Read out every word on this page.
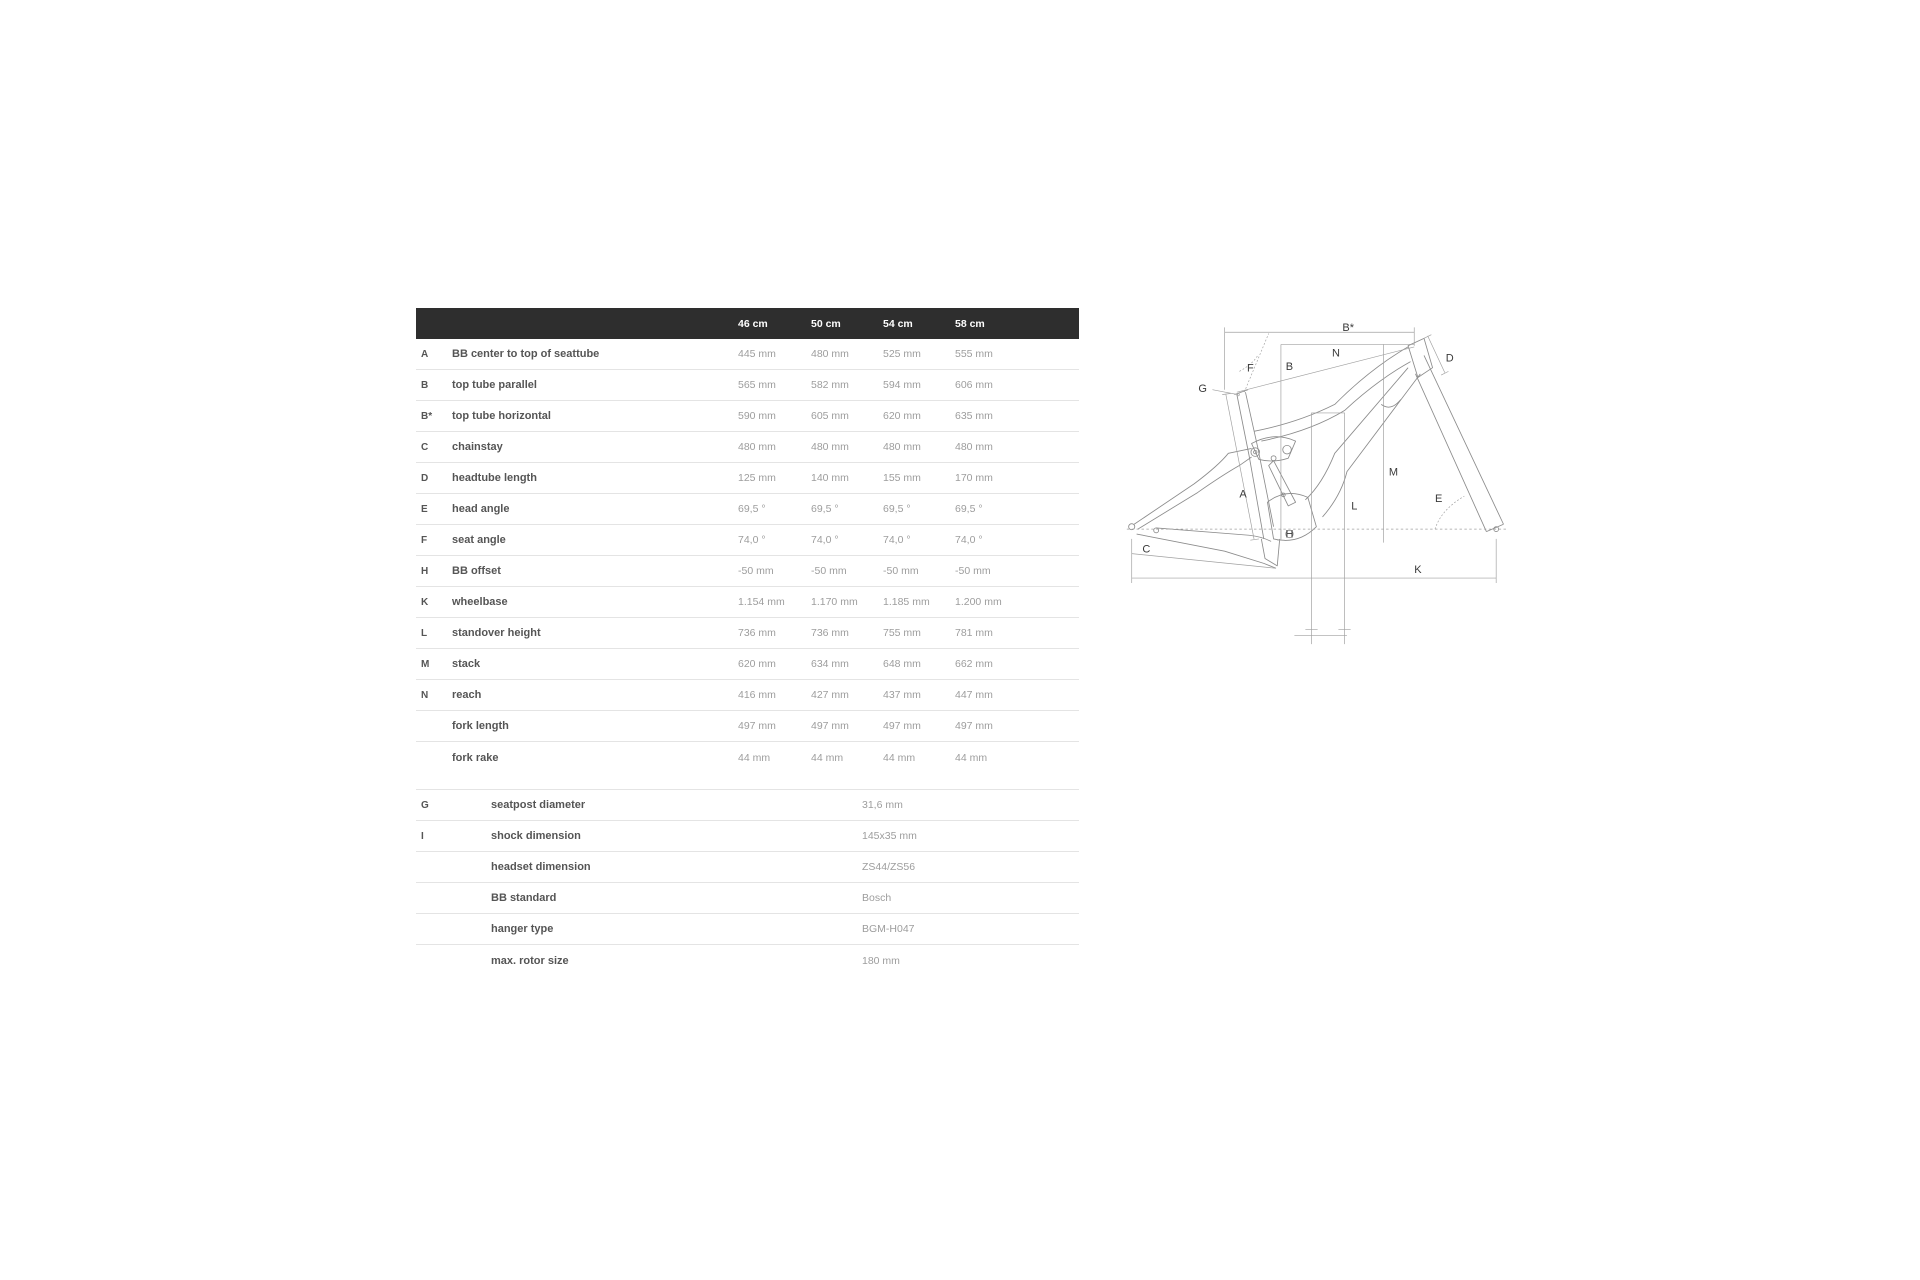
46 cm	50 cm	54 cm	58 cm
A	BB center to top of seattube	445 mm	480 mm	525 mm	555 mm
B	top tube parallel	565 mm	582 mm	594 mm	606 mm
B*	top tube horizontal	590 mm	605 mm	620 mm	635 mm
C	chainstay	480 mm	480 mm	480 mm	480 mm
D	headtube length	125 mm	140 mm	155 mm	170 mm
E	head angle	69,5 °	69,5 °	69,5 °	69,5 °
F	seat angle	74,0 °	74,0 °	74,0 °	74,0 °
H	BB offset	-50 mm	-50 mm	-50 mm	-50 mm
K	wheelbase	1.154 mm	1.170 mm	1.185 mm	1.200 mm
L	standover height	736 mm	736 mm	755 mm	781 mm
M	stack	620 mm	634 mm	648 mm	662 mm
N	reach	416 mm	427 mm	437 mm	447 mm
fork length	497 mm	497 mm	497 mm	497 mm
fork rake	44 mm	44 mm	44 mm	44 mm
G	seatpost diameter	31,6 mm
I	shock dimension	145x35 mm
headset dimension	ZS44/ZS56
BB standard	Bosch
hanger type	BGM-H047
max. rotor size	180 mm
B*
N
B
D
F
G
M
A
L
E
H
C
K
